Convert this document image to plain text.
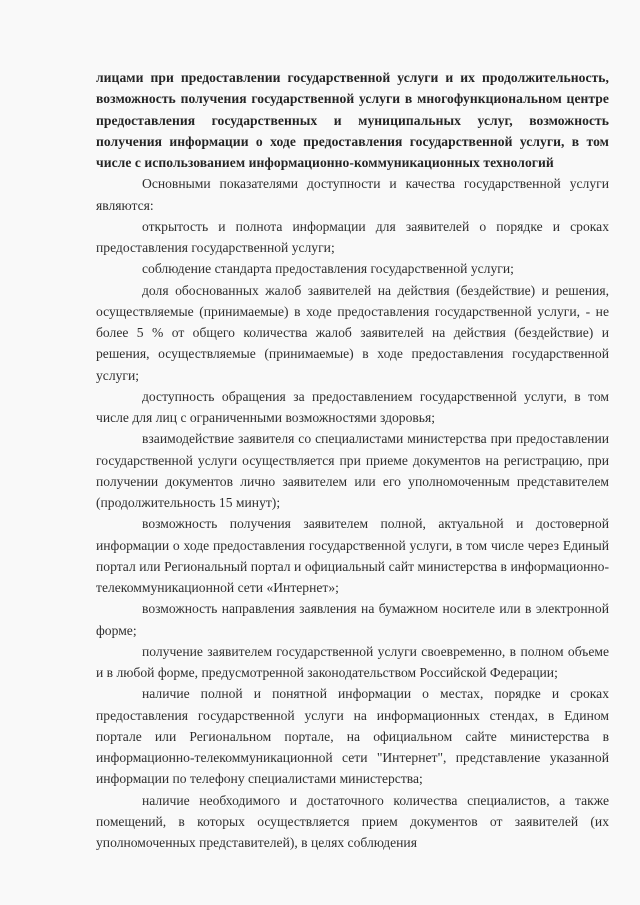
лицами при предоставлении государственной услуги и их продолжительность, возможность получения государственной услуги в многофункциональном центре предоставления государственных и муниципальных услуг, возможность получения информации о ходе предоставления государственной услуги, в том числе с использованием информационно-коммуникационных технологий

Основными показателями доступности и качества государственной услуги являются:

открытость и полнота информации для заявителей о порядке и сроках предоставления государственной услуги;

соблюдение стандарта предоставления государственной услуги;

доля обоснованных жалоб заявителей на действия (бездействие) и решения, осуществляемые (принимаемые) в ходе предоставления государственной услуги, - не более 5 % от общего количества жалоб заявителей на действия (бездействие) и решения, осуществляемые (принимаемые) в ходе предоставления государственной услуги;

доступность обращения за предоставлением государственной услуги, в том числе для лиц с ограниченными возможностями здоровья;

взаимодействие заявителя со специалистами министерства при предоставлении государственной услуги осуществляется при приеме документов на регистрацию, при получении документов лично заявителем или его уполномоченным представителем (продолжительность 15 минут);

возможность получения заявителем полной, актуальной и достоверной информации о ходе предоставления государственной услуги, в том числе через Единый портал или Региональный портал и официальный сайт министерства в информационно-телекоммуникационной сети «Интернет»;

возможность направления заявления на бумажном носителе или в электронной форме;

получение заявителем государственной услуги своевременно, в полном объеме и в любой форме, предусмотренной законодательством Российской Федерации;

наличие полной и понятной информации о местах, порядке и сроках предоставления государственной услуги на информационных стендах, в Едином портале или Региональном портале, на официальном сайте министерства в информационно-телекоммуникационной сети "Интернет", представление указанной информации по телефону специалистами министерства;

наличие необходимого и достаточного количества специалистов, а также помещений, в которых осуществляется прием документов от заявителей (их уполномоченных представителей), в целях соблюдения
